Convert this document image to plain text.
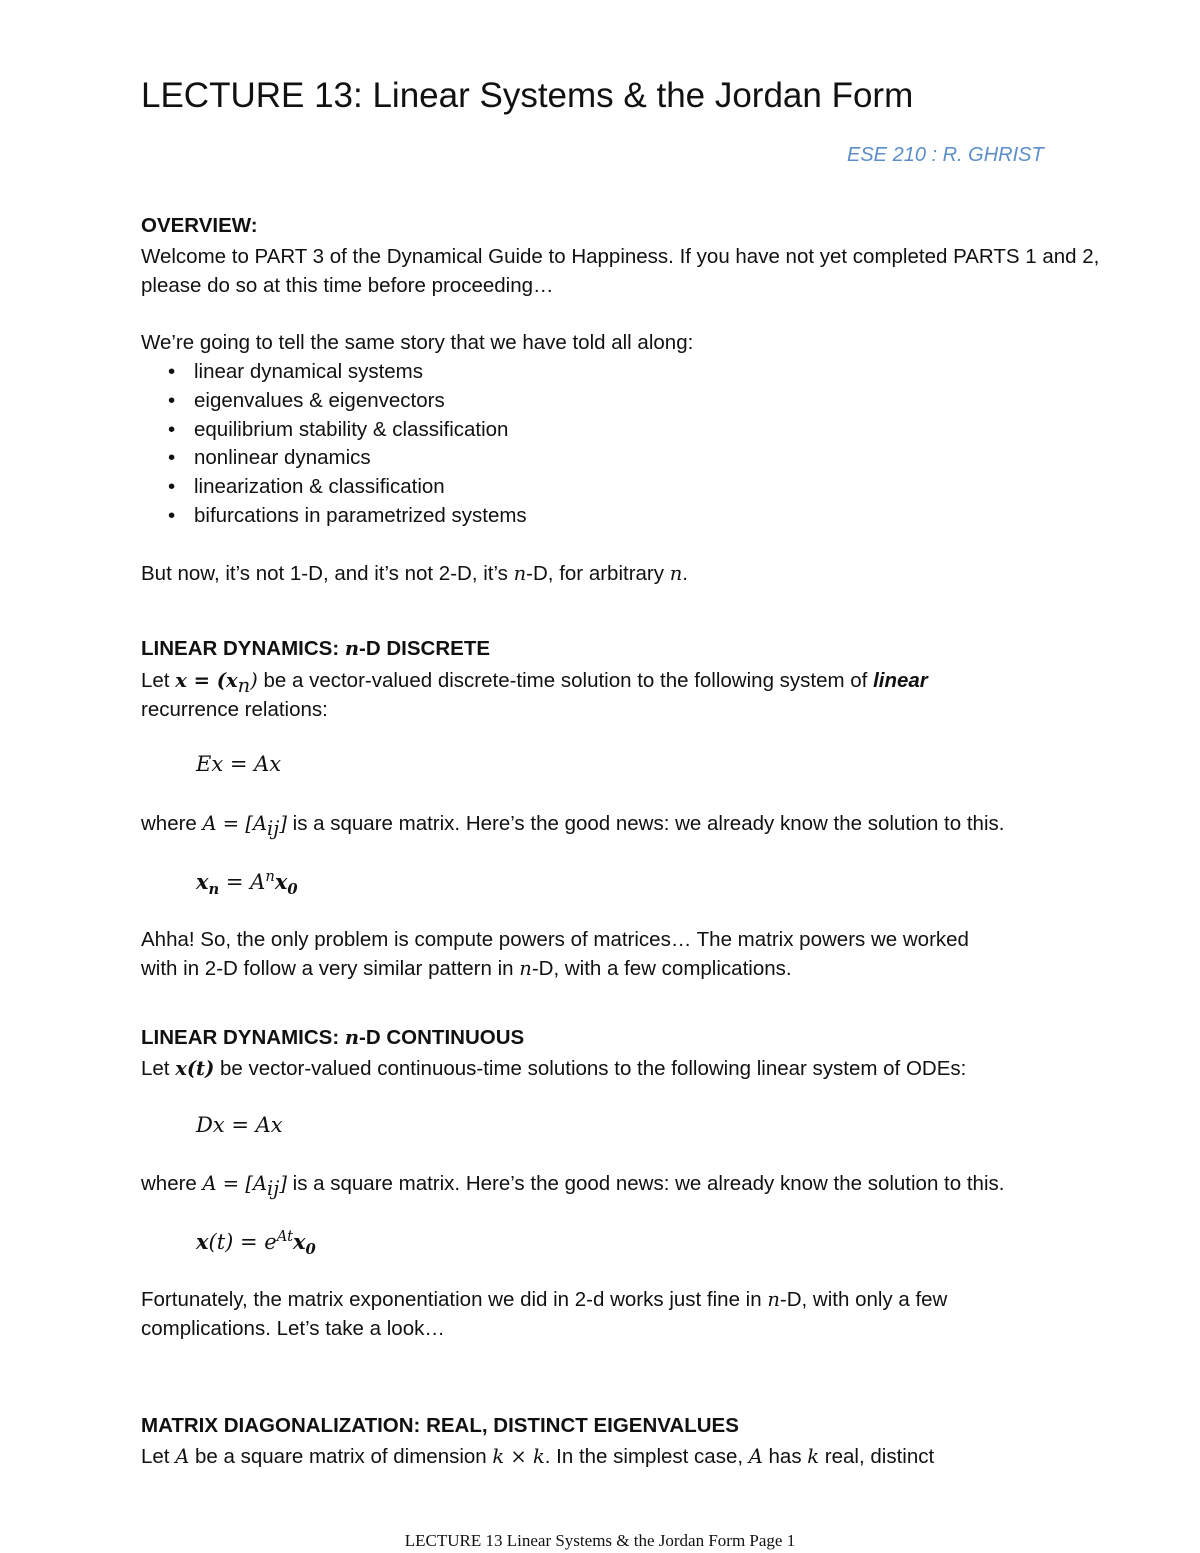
LECTURE 13: Linear Systems & the Jordan Form
ESE 210 : R. GHRIST
OVERVIEW:
Welcome to PART 3 of the Dynamical Guide to Happiness. If you have not yet completed PARTS 1 and 2,
please do so at this time before proceeding…
We’re going to tell the same story that we have told all along:
• linear dynamical systems
• eigenvalues & eigenvectors
• equilibrium stability & classification
• nonlinear dynamics
• linearization & classification
• bifurcations in parametrized systems
But now, it’s not 1-D, and it’s not 2-D, it’s n-D, for arbitrary n.
LINEAR DYNAMICS: n-D DISCRETE
Let $x = (x_n)$ be a vector-valued discrete-time solution to the following system of linear
recurrence relations:
Ex = Ax
where $A = [A_{ij}]$ is a square matrix. Here’s the good news: we already know the solution to this.
$x_n = A^nx_0$
Ahha! So, the only problem is compute powers of matrices… The matrix powers we worked
with in 2-D follow a very similar pattern in n-D, with a few complications.
LINEAR DYNAMICS: n-D CONTINUOUS
Let x(t) be vector-valued continuous-time solutions to the following linear system of ODEs:
Dx = Ax
where $A = [A_{ij}]$ is a square matrix. Here’s the good news: we already know the solution to this.
$x(t) = e^{At}x_0$
Fortunately, the matrix exponentiation we did in 2-d works just fine in n-D, with only a few
complications. Let’s take a look…
MATRIX DIAGONALIZATION: REAL, DISTINCT EIGENVALUES
Let A be a square matrix of dimension k × k. In the simplest case, A has k real, distinct
LECTURE 13 Linear Systems & the Jordan Form Page 1
